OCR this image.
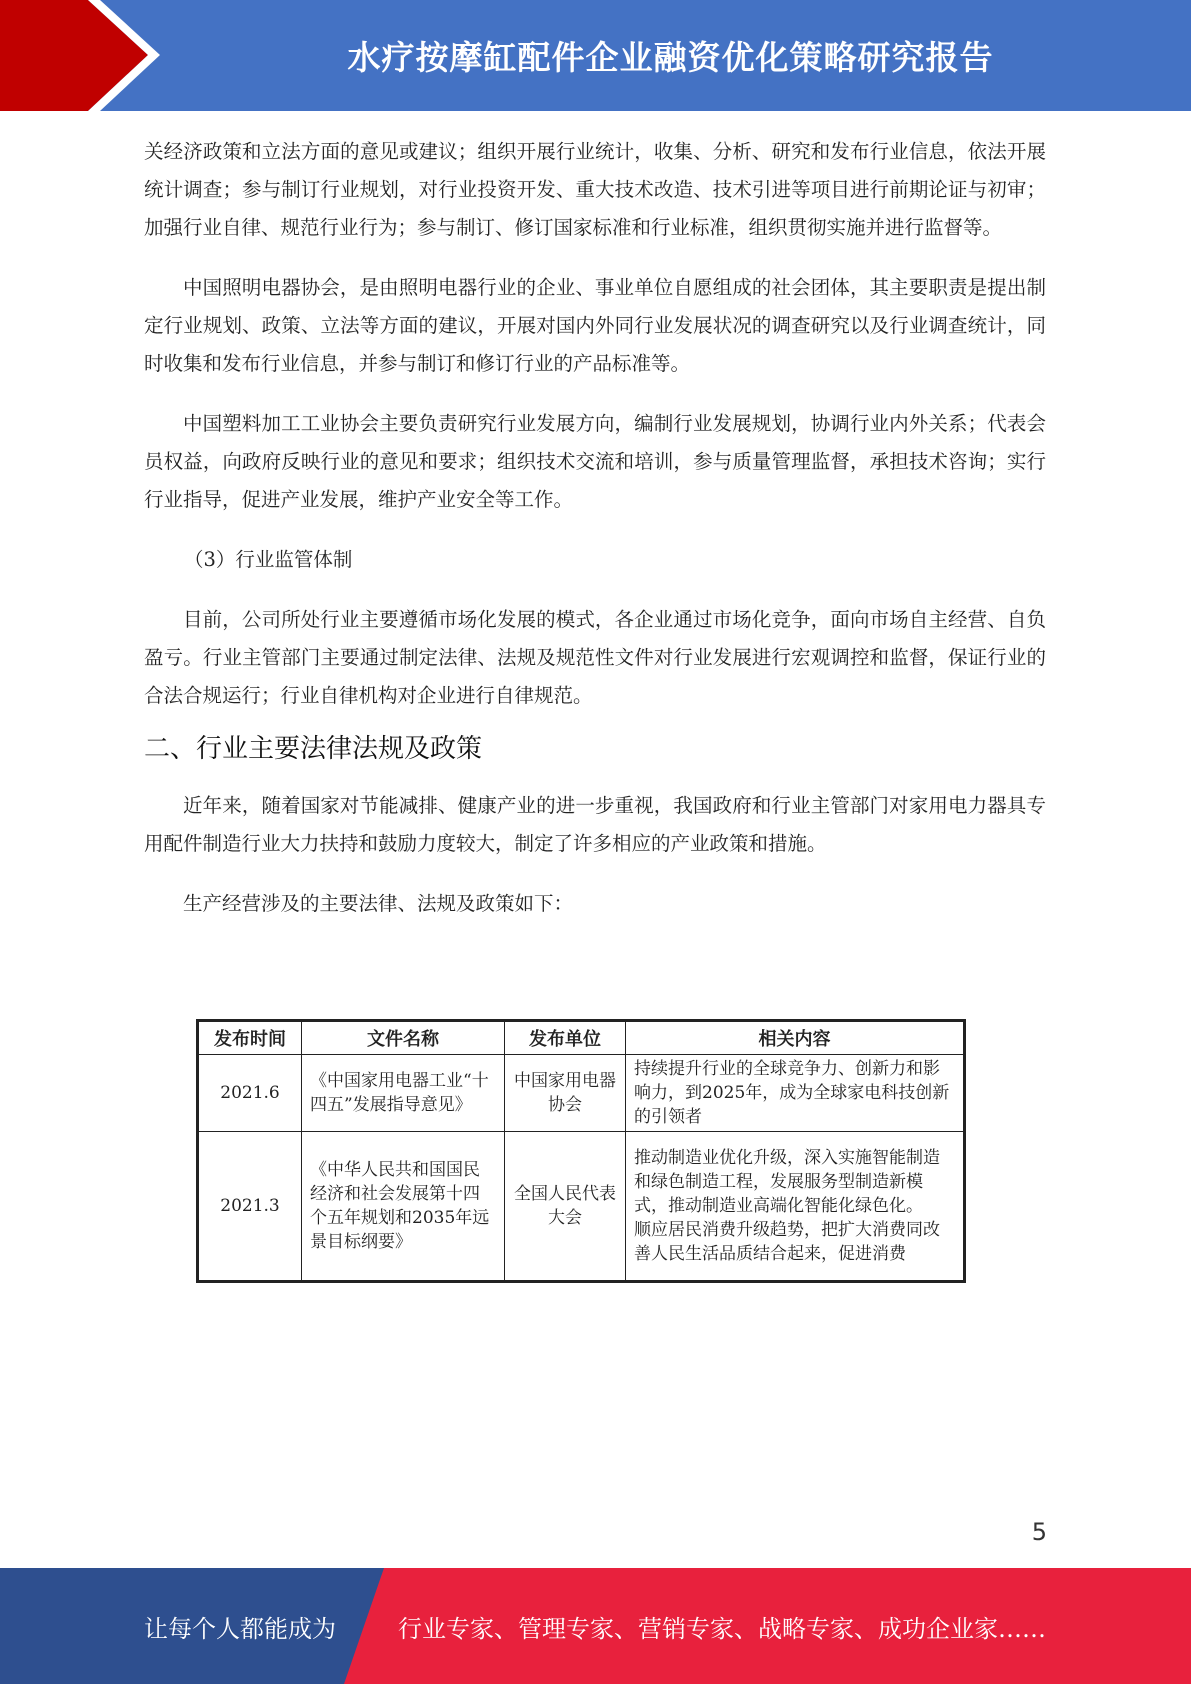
水疗按摩缸配件企业融资优化策略研究报告

关经济政策和立法方面的意见或建议；组织开展行业统计，收集、分析、研究和发布行业信息，依法开展统计调查；参与制订行业规划，对行业投资开发、重大技术改造、技术引进等项目进行前期论证与初审；加强行业自律、规范行业行为；参与制订、修订国家标准和行业标准，组织贯彻实施并进行监督等。

中国照明电器协会，是由照明电器行业的企业、事业单位自愿组成的社会团体，其主要职责是提出制定行业规划、政策、立法等方面的建议，开展对国内外同行业发展状况的调查研究以及行业调查统计，同时收集和发布行业信息，并参与制订和修订行业的产品标准等。

中国塑料加工工业协会主要负责研究行业发展方向，编制行业发展规划，协调行业内外关系；代表会员权益，向政府反映行业的意见和要求；组织技术交流和培训，参与质量管理监督，承担技术咨询；实行行业指导，促进产业发展，维护产业安全等工作。

（3）行业监管体制

目前，公司所处行业主要遵循市场化发展的模式，各企业通过市场化竞争，面向市场自主经营、自负盈亏。行业主管部门主要通过制定法律、法规及规范性文件对行业发展进行宏观调控和监督，保证行业的合法合规运行；行业自律机构对企业进行自律规范。

二、行业主要法律法规及政策

近年来，随着国家对节能减排、健康产业的进一步重视，我国政府和行业主管部门对家用电力器具专用配件制造行业大力扶持和鼓励力度较大，制定了许多相应的产业政策和措施。

生产经营涉及的主要法律、法规及政策如下：

发布时间	文件名称	发布单位	相关内容
2021.6	《中国家用电器工业“十四五”发展指导意见》	中国家用电器协会	持续提升行业的全球竞争力、创新力和影响力，到2025年，成为全球家电科技创新的引领者

2021.3	《中华人民共和国国民经济和社会发展第十四个五年规划和2035年远景目标纲要》	全国人民代表大会	推动制造业优化升级，深入实施智能制造和绿色制造工程，发展服务型制造新模式，推动制造业高端化智能化绿色化。
顺应居民消费升级趋势，把扩大消费同改善人民生活品质结合起来，促进消费
5
让每个人都能成为	行业专家、管理专家、营销专家、战略专家、成功企业家……
